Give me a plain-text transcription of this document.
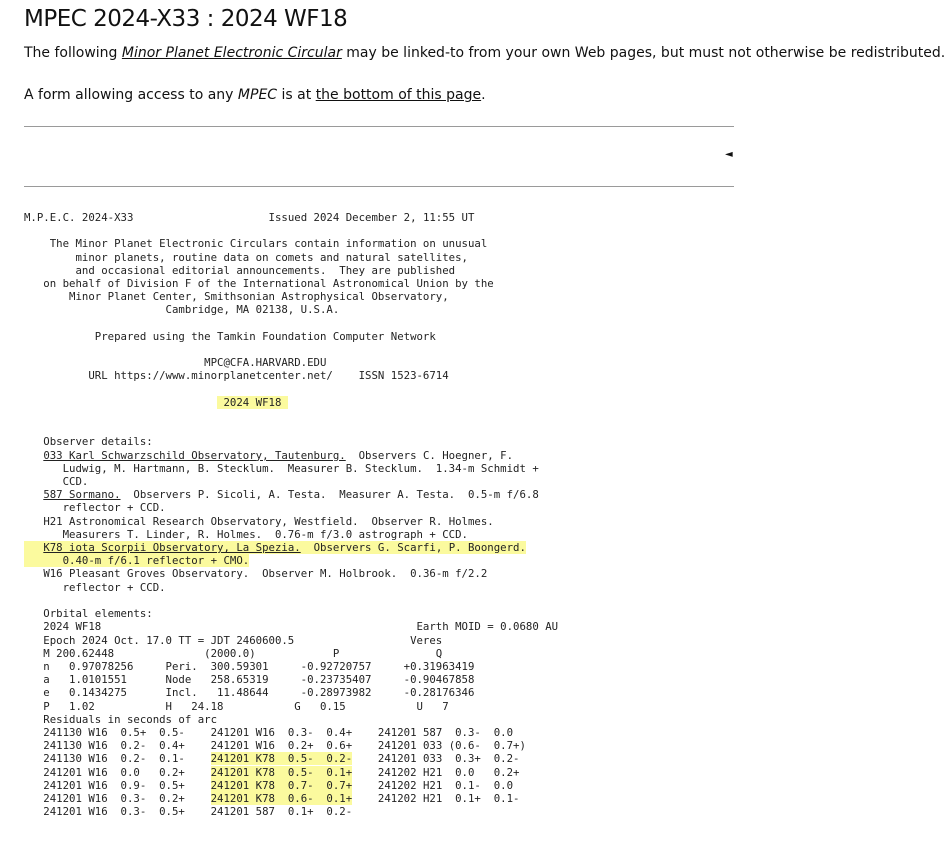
MPEC 2024-X33 : 2024 WF18

The following Minor Planet Electronic Circular may be linked-to from your own Web pages, but must not otherwise be redistributed.

A form allowing access to any MPEC is at the bottom of this page.

◄
M.P.E.C. 2024-X33	Issued 2024 December 2, 11:55 UT

The Minor Planet Electronic Circulars contain information on unusual
minor planets, routine data on comets and natural satellites,
and occasional editorial announcements.  They are published
on behalf of Division F of the International Astronomical Union by the
Minor Planet Center, Smithsonian Astrophysical Observatory,
Cambridge, MA 02138, U.S.A.

Prepared using the Tamkin Foundation Computer Network

MPC@CFA.HARVARD.EDU
URL https://www.minorplanetcenter.net/    ISSN 1523-6714

2024 WF18

Observer details:
033 Karl Schwarzschild Observatory, Tautenburg.  Observers C. Hoegner, F.
Ludwig, M. Hartmann, B. Stecklum.  Measurer B. Stecklum.  1.34-m Schmidt +
CCD.
587 Sormano.  Observers P. Sicoli, A. Testa.  Measurer A. Testa.  0.5-m f/6.8
reflector + CCD.
H21 Astronomical Research Observatory, Westfield.  Observer R. Holmes.
Measurers T. Linder, R. Holmes.  0.76-m f/3.0 astrograph + CCD.
K78 iota Scorpii Observatory, La Spezia.  Observers G. Scarfi, P. Boongerd.
0.40-m f/6.1 reflector + CMO.
W16 Pleasant Groves Observatory.  Observer M. Holbrook.  0.36-m f/2.2
reflector + CCD.

Orbital elements:
2024 WF18                                                 Earth MOID = 0.0680 AU
Epoch 2024 Oct. 17.0 TT = JDT 2460600.5                  Veres
M 200.62448              (2000.0)            P               Q
n   0.97078256     Peri.  300.59301     -0.92720757     +0.31963419
a   1.0101551      Node   258.65319     -0.23735407     -0.90467858
e   0.1434275      Incl.   11.48644     -0.28973982     -0.28176346
P   1.02           H   24.18           G   0.15           U   7
Residuals in seconds of arc
241130 W16  0.5+  0.5-    241201 W16  0.3-  0.4+    241201 587  0.3-  0.0
241130 W16  0.2-  0.4+    241201 W16  0.2+  0.6+    241201 033 (0.6-  0.7+)
241130 W16  0.2-  0.1-    241201 K78  0.5-  0.2-    241201 033  0.3+  0.2-
241201 W16  0.0   0.2+    241201 K78  0.5-  0.1+    241202 H21  0.0   0.2+
241201 W16  0.9-  0.5+    241201 K78  0.7-  0.7+    241202 H21  0.1-  0.0
241201 W16  0.3-  0.2+    241201 K78  0.6-  0.1+    241202 H21  0.1+  0.1-
241201 W16  0.3-  0.5+    241201 587  0.1+  0.2-
